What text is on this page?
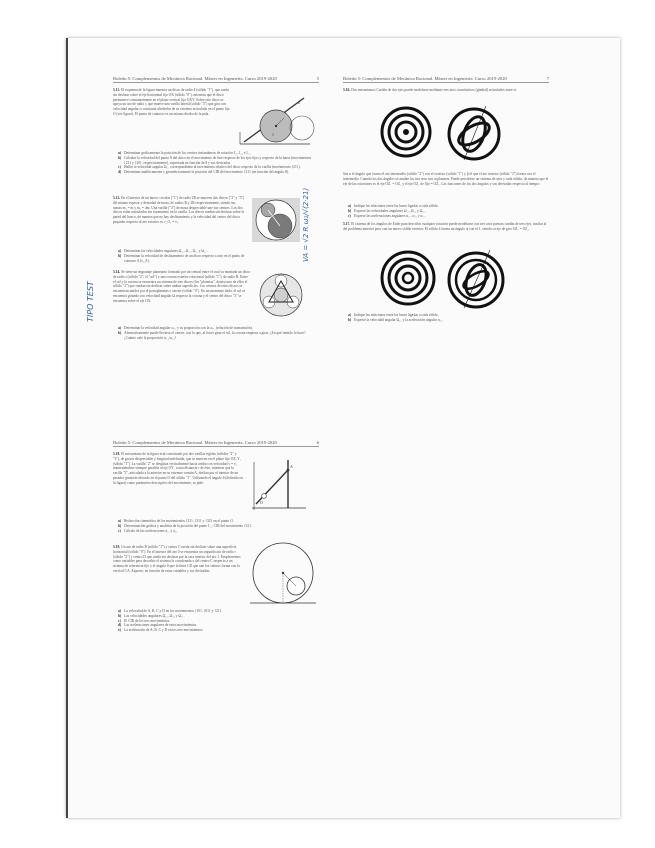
Boletín 5: Complementos de Mecánica Racional. Máster en Ingeniería. Curso 2019-2020	5

5.11. El esquema de la figura muestra un disco de radio 4 (sólido "1"), que rueda sin deslizar sobre el eje horizontal fijo OX (sólido "0"), mientras que el disco permanece constantemente en el plano vertical fijo OXY. Sobre este disco se apoya un aro de radio r, que mueve una varilla lateral (sólido "3") que gira con velocidad angular ω constante alrededor de su extremo articulado en el punto fijo O (ver figura). El punto de contacto es un mismo diedro de la pala.

a) Determinar gráficamente la posición de los centros instantáneos de rotación I₁₀, I₂₀ e I₂₁.
b) Calcular la velocidad del punto A del disco en el movimiento de éste respecto de los ejes fijos y respecto de la barra (movimientos {21} y {20}, respectivamente), expresada en función de θ y sus derivadas.
c) Hallar la velocidad angular Ω₂₁ correspondiente al movimiento relativo del disco respecto de la varilla (movimiento {21}).
d) Determinar analíticamente y geométricamente la posición del CIR del movimiento {21} (en función del ángulo θ).
1
2

5.12. En el interior de un hueco circular ("1") de radio 2R se mueven dos discos ("2" y "3") del mismo espesor y densidad de masa, de radios R y 2R respectivamente, siendo sus masas m₂ = m y m₃ = 4m. Una varilla ("4") de masa despreciable une sus centros. Los dos discos están articulados sin rozamiento en la varilla. Los discos ruedan sin deslizar sobre la pared del hueco, de manera que no hay deslizamiento y la velocidad del centro del disco pequeño respecto al aro exterior es v_O₂ = v₀.

a) Determinar las velocidades angulares Ω₂₁, Ω₃₁, Ω₄₁ y Ω₄₁.
b) Determinar la velocidad de deslizamiento de un disco respecto a otro en el punto de contacto A (v_A).	VA = √2 R ω₂/√(2·21)
TIPO TEST

5.14. Se tiene un engranaje planetario formado por un central entre el cual va montado un disco de radio r (sólido "2"; el "sol") y una corona exterior rotacional (sólido "1"), de radio R. Entre el sol y la corona se encuentra un sistema de tres discos (los "planetas", dentro uno de ellos el sólido "3") que ruedan sin deslizar sobre ambas superficies. Los centros de estos discos se encuentran unidos por el portaplanetas o carrier (sólido "4"). En un momento dado, el sol se encuentra girando con velocidad angular Ω respecto la corona y el centro del disco "3" se encuentra sobre el eje OX.

a) Determinar la velocidad angular ω₄₁ y su proporción con la ω₂₁ (relación de transmisión).
b) Alternativamente puede llevarse el carrier, con lo que, al hacer girar el sol, la corona empieza a girar. ¿En qué sentido lo hace? ¿Cuánto vale la proporción ω₁₄/ω₂₄?
Boletín 5: Complementos de Mecánica Racional. Máster en Ingeniería. Curso 2019-2020	7

5.16. Dos mecanismos Cardán de dos ejes puede modelarse mediante tres aros concéntricos (gimbal) articulados entre sí.

Sea α el ángulo que forma el aro intermedio (sólido "2") con el exterior (sólido "1") y β el que el aro interior (sólido "3") forma con el intermedio. Cuando los dos ángulos se anulan los tres aros son coplanares. Puede percibirse un sistema de aros y cada sólido, de manera que el eje de las rotaciones es el eje OZ₁ = OZ₂ y el eje OZ₂ de fijo = OZ₃. Las funciones de los dos ángulos y sus derivadas respecto al tiempo:

a) Indique las relaciones entre las bases ligadas a cada sólido.
b) Exprese las velocidades angulares Ω₂₁, Ω₃₂ y Ω₃₁.
c) Exprese las aceleraciones angulares α₂₁, α₃₂ y α₃₁.

5.17. El sistema de los ángulos de Euler para describir cualquier rotación puede modelarse con tres aros puestos cardán de tres ejes, similar al del problema anterior pero con un nuevo sólido exterior. El sólido 4 forma un ángulo ψ con el 1, siendo su eje de giro OZ₁ = OZ₄.

a) Indique las relaciones entre las bases ligadas a cada sólido.
b) Exprese la velocidad angular Ω₄₁ y la aceleración angular α₄₁.
Boletín 5: Complementos de Mecánica Racional. Máster en Ingeniería. Curso 2019-2020	6

5.18. El mecanismo de la figura está constituido por dos varillas rígidas (sólidos "2" y "3"), de grosor despreciable y longitud indefinida, que se mueven en el plano fijo OX₁Y₁ (sólido "1"). La varilla "2" se desplaza verticalmente hacia arriba con velocidad v = v₀ manteniéndose siempre paralela al eje OY₁ a una distancia r de éste, mientras que la varilla "3", articulada a la anterior en su extremo común A, desliza por el interior de un pasador giratorio ubicado en el punto O del sólido "1". Utilizando el ángulo θ (definido en la figura) como parámetro descriptivo del movimiento, se pide:

A
O
a) Reducción cinemática de los movimientos {21}, {31} y {32} en el punto O.
b) Determinación gráfica y analítica de la posición del punto I₂₁, CIR del movimiento {31}.
c) Cálculo de las aceleraciones a₂₁ y a₃₁.

5.19. Un aro de radio R (sólido "1") y centro C rueda sin deslizar sobre una superficie horizontal (sólido "0"). En el interior del aro 0 se encuentra un segundo aro de radio r (sólido "2") y centro D que rueda sin deslizar por la cara interior del aro 1. Emplearemos como variables para describir el sistema la coordenada x del centro C respecto a un sistema de referencia fijo y el ángulo θ que la línea CD que une los centros forma con la vertical CA. Exprese, en función de estas variables y sus derivadas:

a) La velocidad de A, B, C y D en los movimientos {10}, {01} y {21}.
b) Las velocidades angulares Ω₁₀, Ω₂₀ y Ω₂₁.
c) El CIR de los tres movimientos.
d) Las aceleraciones angulares de estos movimientos.
e) La aceleración de A, B, C y D en los tres movimientos.
